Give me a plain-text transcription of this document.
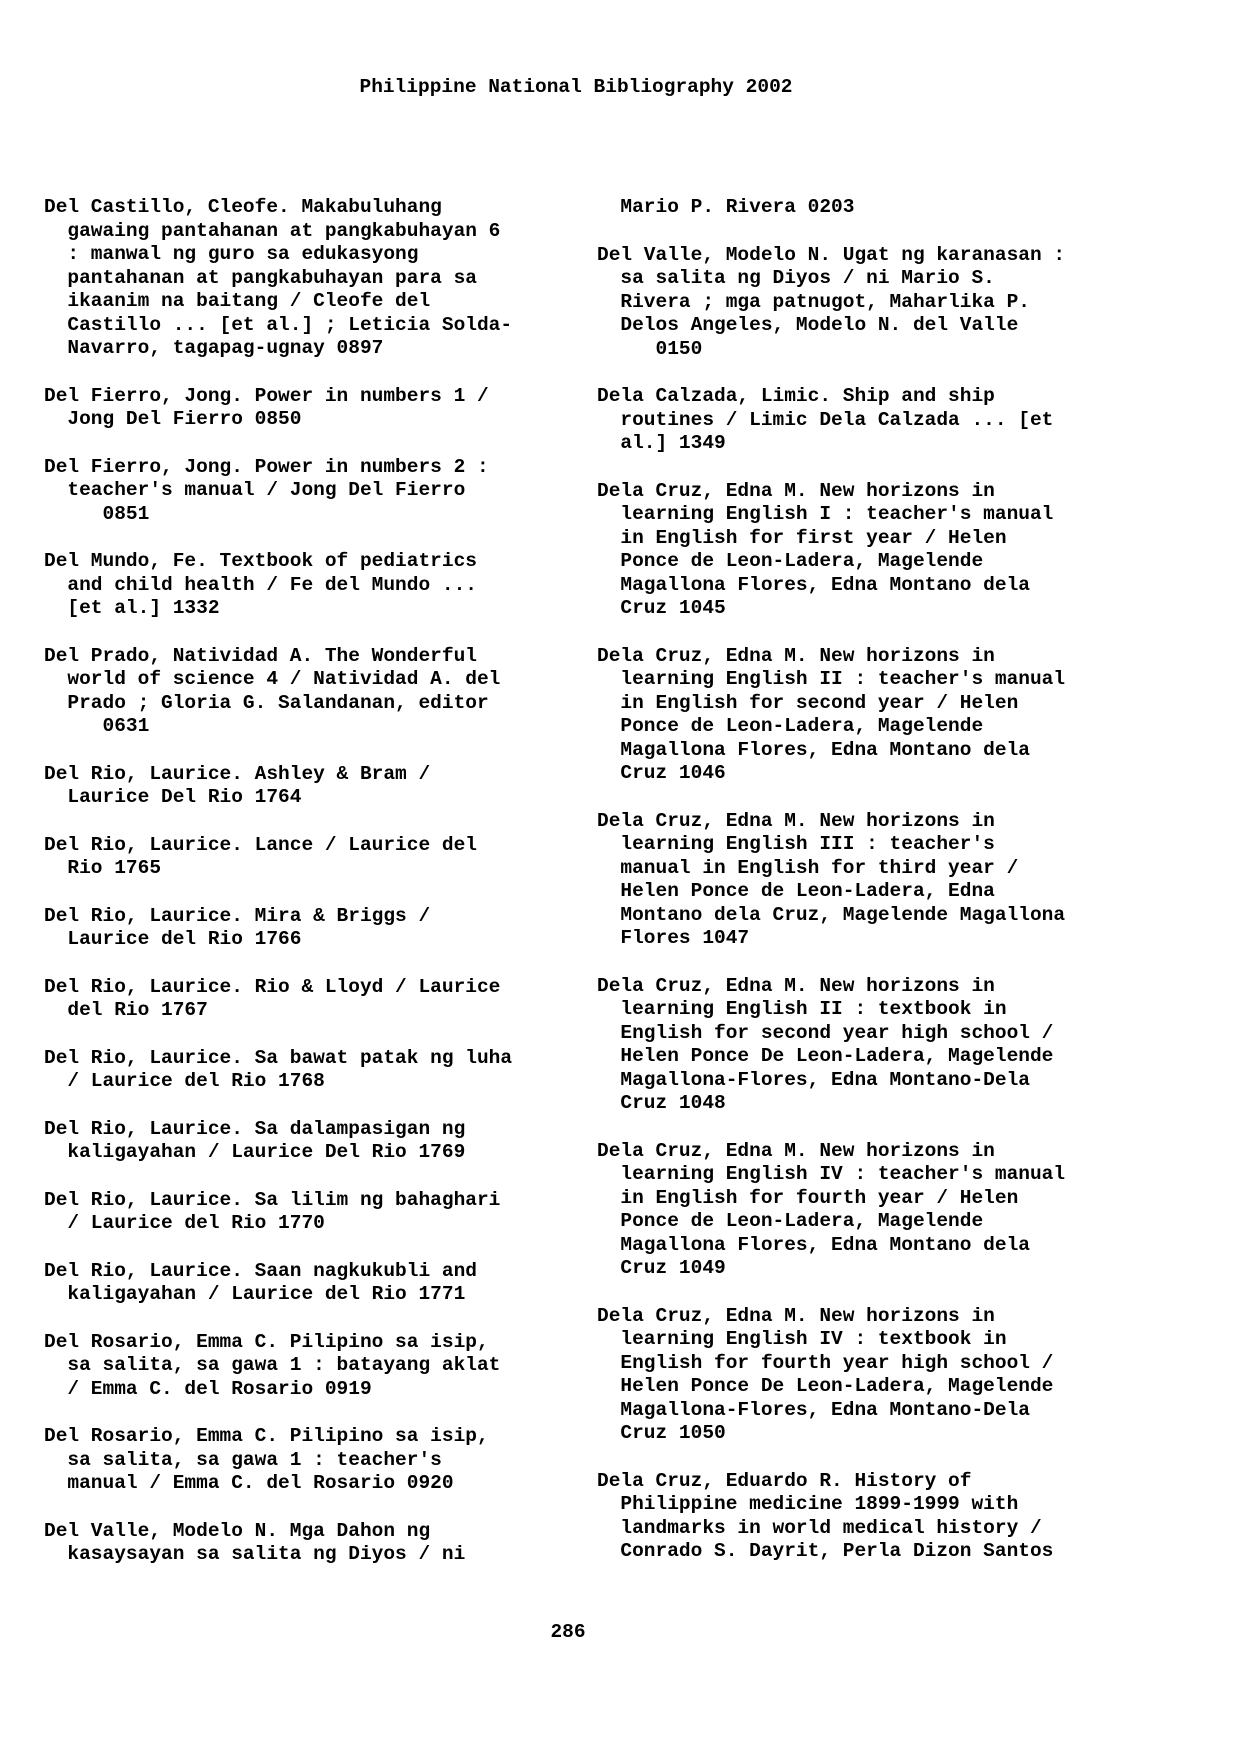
Philippine National Bibliography 2002
Del Castillo, Cleofe. Makabuluhang
gawaing pantahanan at pangkabuhayan 6
: manwal ng guro sa edukasyong
pantahanan at pangkabuhayan para sa
ikaanim na baitang / Cleofe del
Castillo ... [et al.] ; Leticia Solda-
Navarro, tagapag-ugnay 0897
Del Fierro, Jong. Power in numbers 1 /
Jong Del Fierro 0850
Del Fierro, Jong. Power in numbers 2 :
teacher's manual / Jong Del Fierro
0851
Del Mundo, Fe. Textbook of pediatrics
and child health / Fe del Mundo ...
[et al.] 1332
Del Prado, Natividad A. The Wonderful
world of science 4 / Natividad A. del
Prado ; Gloria G. Salandanan, editor
0631
Del Rio, Laurice. Ashley & Bram /
Laurice Del Rio 1764
Del Rio, Laurice. Lance / Laurice del
Rio 1765
Del Rio, Laurice. Mira & Briggs /
Laurice del Rio 1766
Del Rio, Laurice. Rio & Lloyd / Laurice
del Rio 1767
Del Rio, Laurice. Sa bawat patak ng luha
/ Laurice del Rio 1768
Del Rio, Laurice. Sa dalampasigan ng
kaligayahan / Laurice Del Rio 1769
Del Rio, Laurice. Sa lilim ng bahaghari
/ Laurice del Rio 1770
Del Rio, Laurice. Saan nagkukubli and
kaligayahan / Laurice del Rio 1771
Del Rosario, Emma C. Pilipino sa isip,
sa salita, sa gawa 1 : batayang aklat
/ Emma C. del Rosario 0919
Del Rosario, Emma C. Pilipino sa isip,
sa salita, sa gawa 1 : teacher's
manual / Emma C. del Rosario 0920
Del Valle, Modelo N. Mga Dahon ng
kasaysayan sa salita ng Diyos / ni
Mario P. Rivera 0203
Del Valle, Modelo N. Ugat ng karanasan :
sa salita ng Diyos / ni Mario S.
Rivera ; mga patnugot, Maharlika P.
Delos Angeles, Modelo N. del Valle
0150
Dela Calzada, Limic. Ship and ship
routines / Limic Dela Calzada ... [et
al.] 1349
Dela Cruz, Edna M. New horizons in
learning English I : teacher's manual
in English for first year / Helen
Ponce de Leon-Ladera, Magelende
Magallona Flores, Edna Montano dela
Cruz 1045
Dela Cruz, Edna M. New horizons in
learning English II : teacher's manual
in English for second year / Helen
Ponce de Leon-Ladera, Magelende
Magallona Flores, Edna Montano dela
Cruz 1046
Dela Cruz, Edna M. New horizons in
learning English III : teacher's
manual in English for third year /
Helen Ponce de Leon-Ladera, Edna
Montano dela Cruz, Magelende Magallona
Flores 1047
Dela Cruz, Edna M. New horizons in
learning English II : textbook in
English for second year high school /
Helen Ponce De Leon-Ladera, Magelende
Magallona-Flores, Edna Montano-Dela
Cruz 1048
Dela Cruz, Edna M. New horizons in
learning English IV : teacher's manual
in English for fourth year / Helen
Ponce de Leon-Ladera, Magelende
Magallona Flores, Edna Montano dela
Cruz 1049
Dela Cruz, Edna M. New horizons in
learning English IV : textbook in
English for fourth year high school /
Helen Ponce De Leon-Ladera, Magelende
Magallona-Flores, Edna Montano-Dela
Cruz 1050
Dela Cruz, Eduardo R. History of
Philippine medicine 1899-1999 with
landmarks in world medical history /
Conrado S. Dayrit, Perla Dizon Santos
286
